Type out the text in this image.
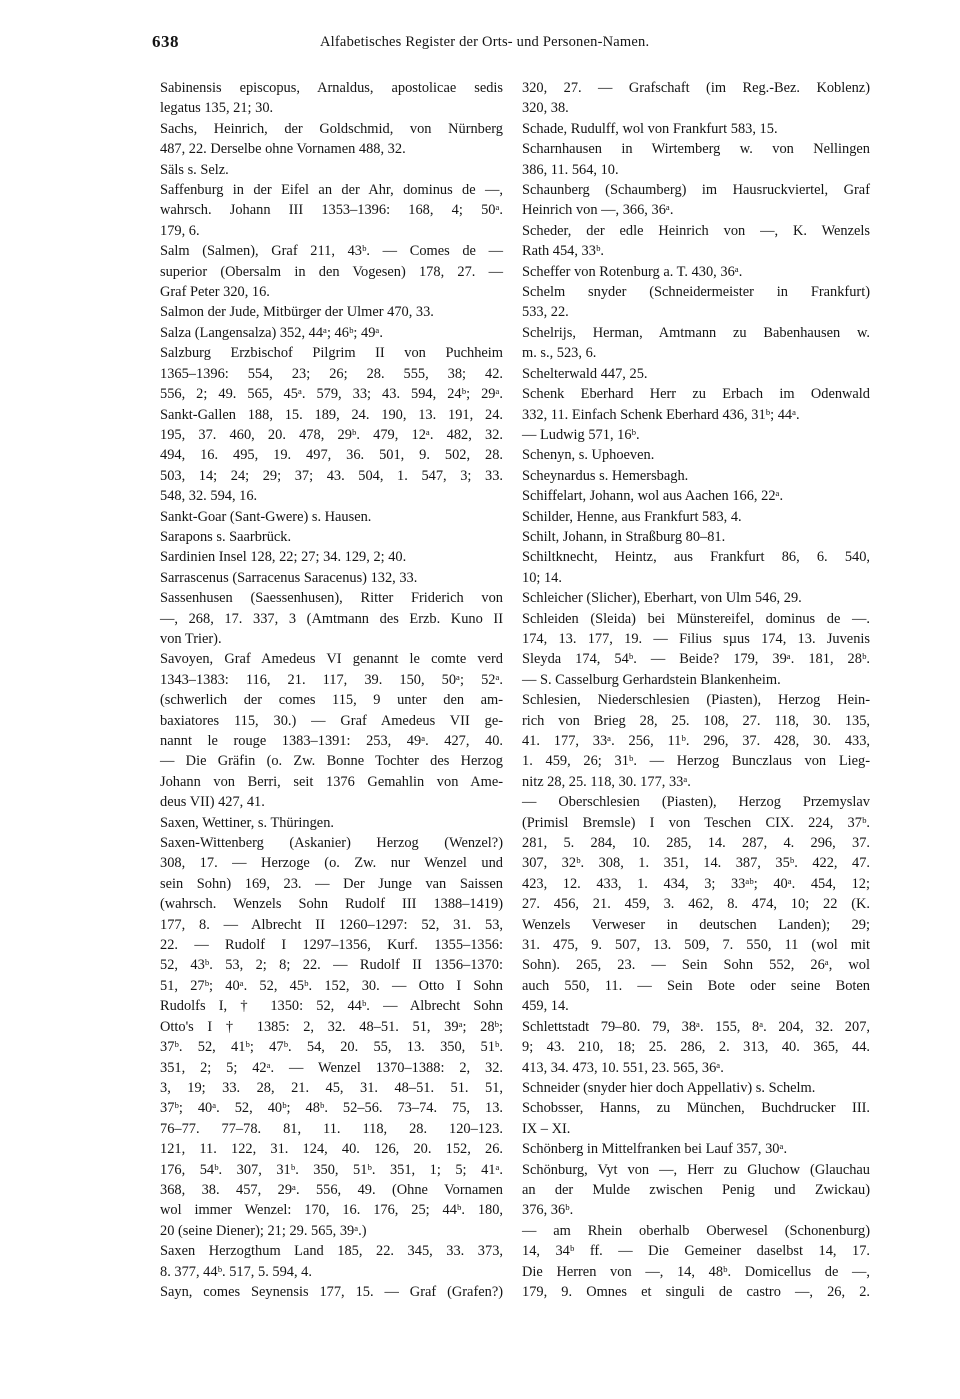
638	Alfabetisches Register der Orts- und Personen-Namen.
Sabinensis episcopus, Arnaldus, apostolicae sedis
legatus 135, 21; 30.
Sachs, Heinrich, der Goldschmid, von Nürnberg
487, 22. Derselbe ohne Vornamen 488, 32.
Säls s. Selz.
Saffenburg in der Eifel an der Ahr, dominus de —,
wahrsch. Johann III 1353–1396: 168, 4; 50ᵃ.
179, 6.
Salm (Salmen), Graf 211, 43ᵇ. — Comes de —
superior (Obersalm in den Vogesen) 178, 27. —
Graf Peter 320, 16.
Salmon der Jude, Mitbürger der Ulmer 470, 33.
Salza (Langensalza) 352, 44ᵃ; 46ᵇ; 49ᵃ.
Salzburg Erzbischof Pilgrim II von Puchheim
1365–1396: 554, 23; 26; 28. 555, 38; 42.
556, 2; 49. 565, 45ᵃ. 579, 33; 43. 594, 24ᵇ; 29ᵃ.
Sankt-Gallen 188, 15. 189, 24. 190, 13. 191, 24.
195, 37. 460, 20. 478, 29ᵇ. 479, 12ᵃ. 482, 32.
494, 16. 495, 19. 497, 36. 501, 9. 502, 28.
503, 14; 24; 29; 37; 43. 504, 1. 547, 3; 33.
548, 32. 594, 16.
Sankt-Goar (Sant-Gwere) s. Hausen.
Sarapons s. Saarbrück.
Sardinien Insel 128, 22; 27; 34. 129, 2; 40.
Sarrascenus (Sarracenus Saracenus) 132, 33.
Sassenhusen (Saessenhusen), Ritter Friderich von
—, 268, 17. 337, 3 (Amtmann des Erzb. Kuno II
von Trier).
Savoyen, Graf Amedeus VI genannt le comte verd
1343–1383: 116, 21. 117, 39. 150, 50ᵃ; 52ᵃ.
(schwerlich der comes 115, 9 unter den am-
baxiatores 115, 30.) — Graf Amedeus VII ge-
nannt le rouge 1383–1391: 253, 49ᵃ. 427, 40.
— Die Gräfin (o. Zw. Bonne Tochter des Herzog
Johann von Berri, seit 1376 Gemahlin von Ame-
deus VII) 427, 41.
Saxen, Wettiner, s. Thüringen.
Saxen-Wittenberg (Askanier) Herzog (Wenzel?)
308, 17. — Herzoge (o. Zw. nur Wenzel und
sein Sohn) 169, 23. — Der Junge van Saissen
(wahrsch. Wenzels Sohn Rudolf III 1388–1419)
177, 8. — Albrecht II 1260–1297: 52, 31. 53,
22. — Rudolf I 1297–1356, Kurf. 1355–1356:
52, 43ᵇ. 53, 2; 8; 22. — Rudolf II 1356–1370:
51, 27ᵇ; 40ᵃ. 52, 45ᵇ. 152, 30. — Otto I Sohn
Rudolfs I, † 1350: 52, 44ᵇ. — Albrecht Sohn
Otto's I † 1385: 2, 32. 48–51. 51, 39ᵃ; 28ᵇ;
37ᵇ. 52, 41ᵇ; 47ᵇ. 54, 20. 55, 13. 350, 51ᵇ.
351, 2; 5; 42ᵃ. — Wenzel 1370–1388: 2, 32.
3, 19; 33. 28, 21. 45, 31. 48–51. 51. 51,
37ᵇ; 40ᵃ. 52, 40ᵇ; 48ᵇ. 52–56. 73–74. 75, 13.
76–77. 77–78. 81, 11. 118, 28. 120–123.
121, 11. 122, 31. 124, 40. 126, 20. 152, 26.
176, 54ᵇ. 307, 31ᵇ. 350, 51ᵇ. 351, 1; 5; 41ᵃ.
368, 38. 457, 29ᵃ. 556, 49. (Ohne Vornamen
wol immer Wenzel: 170, 16. 176, 25; 44ᵇ. 180,
20 (seine Diener); 21; 29. 565, 39ᵃ.)
Saxen Herzogthum Land 185, 22. 345, 33. 373,
8. 377, 44ᵇ. 517, 5. 594, 4.
Sayn, comes Seynensis 177, 15. — Graf (Grafen?)
320, 27. — Grafschaft (im Reg.-Bez. Koblenz)
320, 38.
Schade, Rudulff, wol von Frankfurt 583, 15.
Scharnhausen in Wirtemberg w. von Nellingen
386, 11. 564, 10.
Schaunberg (Schaumberg) im Hausruckviertel, Graf
Heinrich von —, 366, 36ᵃ.
Scheder, der edle Heinrich von —, K. Wenzels
Rath 454, 33ᵇ.
Scheffer von Rotenburg a. T. 430, 36ᵃ.
Schelm snyder (Schneidermeister in Frankfurt)
533, 22.
Schelrijs, Herman, Amtmann zu Babenhausen w.
m. s., 523, 6.
Schelterwald 447, 25.
Schenk Eberhard Herr zu Erbach im Odenwald
332, 11. Einfach Schenk Eberhard 436, 31ᵇ; 44ᵃ.
— Ludwig 571, 16ᵇ.
Schenyn, s. Uphoeven.
Scheynardus s. Hemersbagh.
Schiffelart, Johann, wol aus Aachen 166, 22ᵃ.
Schilder, Henne, aus Frankfurt 583, 4.
Schilt, Johann, in Straßburg 80–81.
Schiltknecht, Heintz, aus Frankfurt 86, 6. 540,
10; 14.
Schleicher (Slicher), Eberhart, von Ulm 546, 29.
Schleiden (Sleida) bei Münstereifel, dominus de —.
174, 13. 177, 19. — Filius sµus 174, 13. Juvenis
Sleyda 174, 54ᵇ. — Beide? 179, 39ᵃ. 181, 28ᵇ.
— S. Casselburg Gerhardstein Blankenheim.
Schlesien, Niederschlesien (Piasten), Herzog Hein-
rich von Brieg 28, 25. 108, 27. 118, 30. 135,
41. 177, 33ᵃ. 256, 11ᵇ. 296, 37. 428, 30. 433,
1. 459, 26; 31ᵇ. — Herzog Bunczlaus von Lieg-
nitz 28, 25. 118, 30. 177, 33ᵃ.
— Oberschlesien (Piasten), Herzog Przemyslav
(Primisl Bremsle) I von Teschen CIX. 224, 37ᵇ.
281, 5. 284, 10. 285, 14. 287, 4. 296, 37.
307, 32ᵇ. 308, 1. 351, 14. 387, 35ᵇ. 422, 47.
423, 12. 433, 1. 434, 3; 33ᵃᵇ; 40ᵃ. 454, 12;
27. 456, 21. 459, 3. 462, 8. 474, 10; 22 (K.
Wenzels Verweser in deutschen Landen); 29;
31. 475, 9. 507, 13. 509, 7. 550, 11 (wol mit
Sohn). 265, 23. — Sein Sohn 552, 26ᵃ, wol
auch 550, 11. — Sein Bote oder seine Boten
459, 14.
Schlettstadt 79–80. 79, 38ᵃ. 155, 8ᵃ. 204, 32. 207,
9; 43. 210, 18; 25. 286, 2. 313, 40. 365, 44.
413, 34. 473, 10. 551, 23. 565, 36ᵃ.
Schneider (snyder hier doch Appellativ) s. Schelm.
Schobsser, Hanns, zu München, Buchdrucker III.
IX – XI.
Schönberg in Mittelfranken bei Lauf 357, 30ᵃ.
Schönburg, Vyt von —, Herr zu Gluchow (Glauchau
an der Mulde zwischen Penig und Zwickau)
376, 36ᵇ.
— am Rhein oberhalb Oberwesel (Schonenburg)
14, 34ᵇ ff. — Die Gemeiner daselbst 14, 17.
Die Herren von —, 14, 48ᵇ. Domicellus de —,
179, 9. Omnes et singuli de castro —, 26, 2.
